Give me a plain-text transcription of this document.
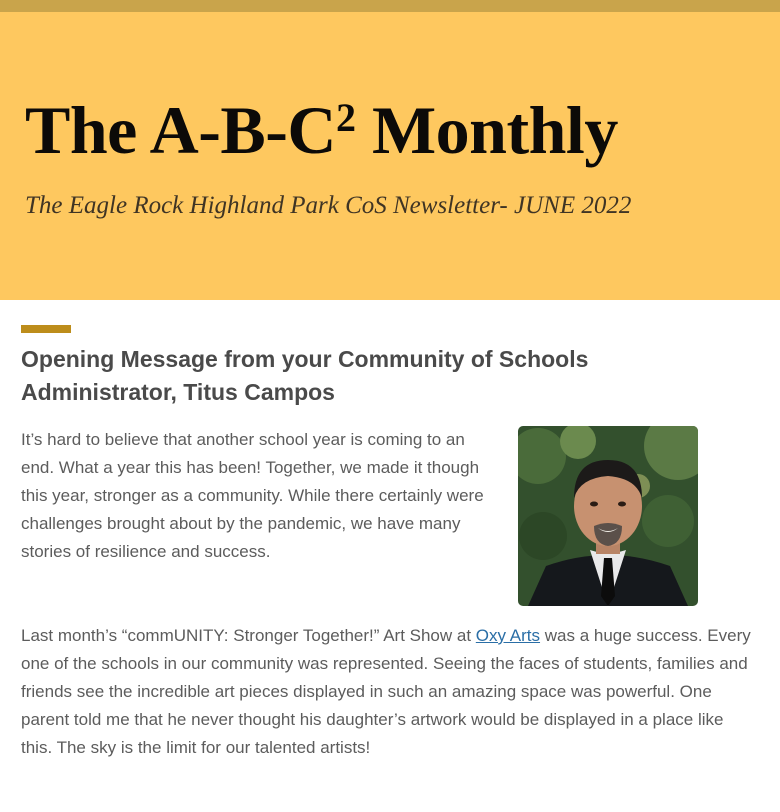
The $A-B-C^2$ Monthly

The Eagle Rock Highland Park CoS Newsletter- JUNE 2022

Opening Message from your Community of Schools Administrator, Titus Campos

It’s hard to believe that another school year is coming to an end. What a year this has been! Together, we made it though this year, stronger as a community. While there certainly were challenges brought about by the pandemic, we have many stories of resilience and success.

Last month’s “commUNITY: Stronger Together!” Art Show at Oxy Arts was a huge success. Every one of the schools in our community was represented. Seeing the faces of students, families and friends see the incredible art pieces displayed in such an amazing space was powerful. One parent told me that he never thought his daughter’s artwork would be displayed in a place like this. The sky is the limit for our talented artists!
